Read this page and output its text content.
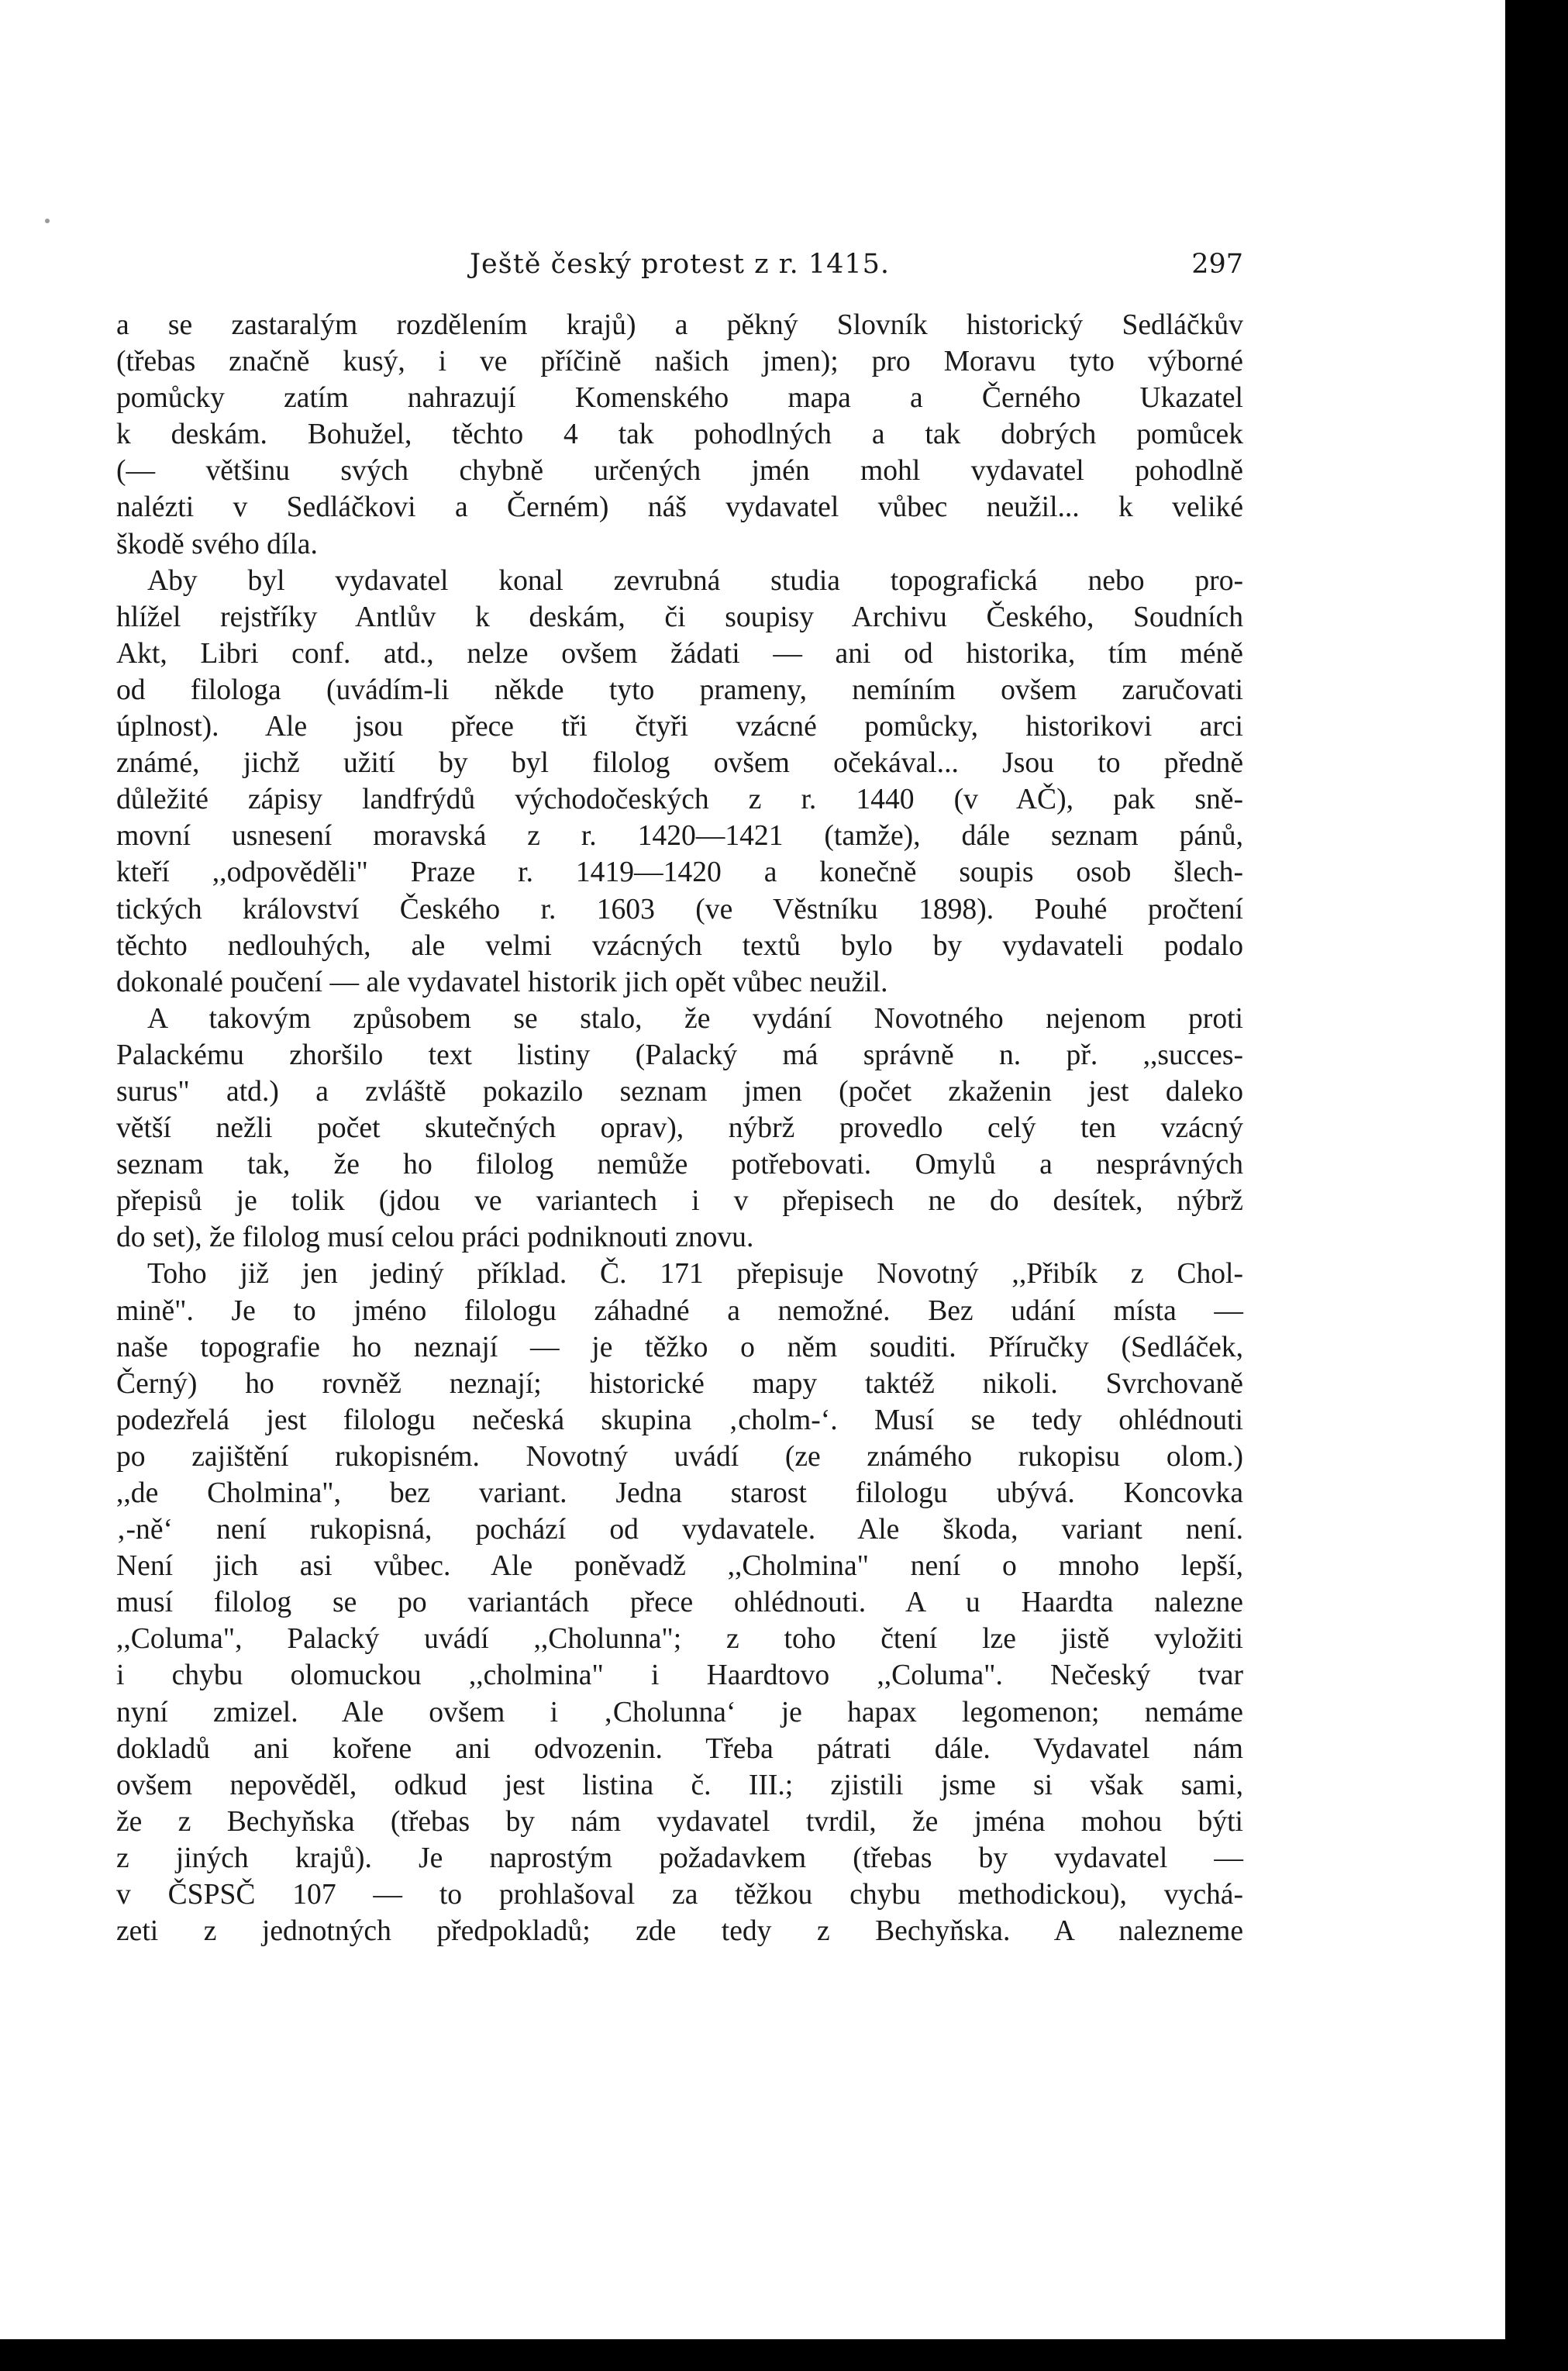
Ještě český protest z r. 1415.	297
a se zastaralým rozdělením krajů) a pěkný Slovník historický Sedláčkův
(třebas značně kusý, i ve příčině našich jmen); pro Moravu tyto výborné
pomůcky zatím nahrazují Komenského mapa a Černého Ukazatel
k deskám. Bohužel, těchto 4 tak pohodlných a tak dobrých pomůcek
(— většinu svých chybně určených jmén mohl vydavatel pohodlně
nalézti v Sedláčkovi a Černém) náš vydavatel vůbec neužil... k veliké
škodě svého díla.
Aby byl vydavatel konal zevrubná studia topografická nebo pro-
hlížel rejstříky Antlův k deskám, či soupisy Archivu Českého, Soudních
Akt, Libri conf. atd., nelze ovšem žádati — ani od historika, tím méně
od filologa (uvádím-li někde tyto prameny, nemíním ovšem zaručovati
úplnost). Ale jsou přece tři čtyři vzácné pomůcky, historikovi arci
známé, jichž užití by byl filolog ovšem očekával... Jsou to předně
důležité zápisy landfrýdů východočeských z r. 1440 (v AČ), pak sně-
movní usnesení moravská z r. 1420—1421 (tamže), dále seznam pánů,
kteří ,,odpověděli" Praze r. 1419—1420 a konečně soupis osob šlech-
tických království Českého r. 1603 (ve Věstníku 1898). Pouhé pročtení
těchto nedlouhých, ale velmi vzácných textů bylo by vydavateli podalo
dokonalé poučení — ale vydavatel historik jich opět vůbec neužil.
A takovým způsobem se stalo, že vydání Novotného nejenom proti
Palackému zhoršilo text listiny (Palacký má správně n. př. ,,succes-
surus" atd.) a zvláště pokazilo seznam jmen (počet zkaženin jest daleko
větší nežli počet skutečných oprav), nýbrž provedlo celý ten vzácný
seznam tak, že ho filolog nemůže potřebovati. Omylů a nesprávných
přepisů je tolik (jdou ve variantech i v přepisech ne do desítek, nýbrž
do set), že filolog musí celou práci podniknouti znovu.
Toho již jen jediný příklad. Č. 171 přepisuje Novotný ,,Přibík z Chol-
mině". Je to jméno filologu záhadné a nemožné. Bez udání místa —
naše topografie ho neznají — je těžko o něm souditi. Příručky (Sedláček,
Černý) ho rovněž neznají; historické mapy taktéž nikoli. Svrchovaně
podezřelá jest filologu nečeská skupina ‚cholm-‘. Musí se tedy ohlédnouti
po zajištění rukopisném. Novotný uvádí (ze známého rukopisu olom.)
,,de Cholmina", bez variant. Jedna starost filologu ubývá. Koncovka
‚-ně‘ není rukopisná, pochází od vydavatele. Ale škoda, variant není.
Není jich asi vůbec. Ale poněvadž ,,Cholmina" není o mnoho lepší,
musí filolog se po variantách přece ohlédnouti. A u Haardta nalezne
,,Columa", Palacký uvádí ,,Cholunna"; z toho čtení lze jistě vyložiti
i chybu olomuckou ,,cholmina" i Haardtovo ,,Columa". Nečeský tvar
nyní zmizel. Ale ovšem i ‚Cholunna‘ je hapax legomenon; nemáme
dokladů ani kořene ani odvozenin. Třeba pátrati dále. Vydavatel nám
ovšem nepověděl, odkud jest listina č. III.; zjistili jsme si však sami,
že z Bechyňska (třebas by nám vydavatel tvrdil, že jména mohou býti
z jiných krajů). Je naprostým požadavkem (třebas by vydavatel —
v ČSPSČ 107 — to prohlašoval za těžkou chybu methodickou), vychá-
zeti z jednotných předpokladů; zde tedy z Bechyňska. A nalezneme
